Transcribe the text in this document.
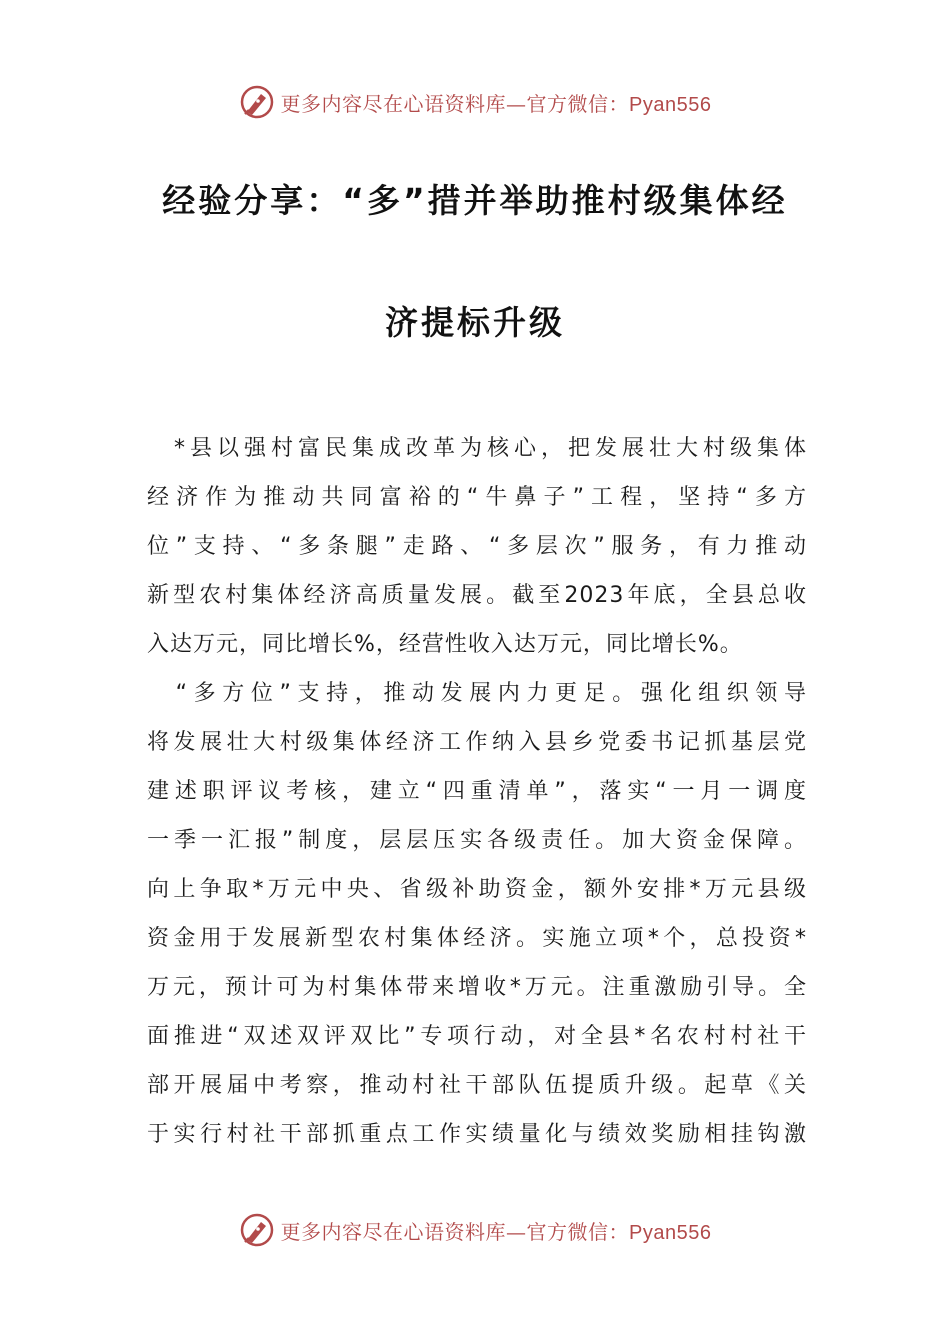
更多内容尽在心语资料库—官方微信：Pyan556
经验分享：“多”措并举助推村级集体经
济提标升级
　*县以强村富民集成改革为核心，把发展壮大村级集体
经济作为推动共同富裕的“牛鼻子”工程，坚持“多方
位”支持、“多条腿”走路、“多层次”服务，有力推动
新型农村集体经济高质量发展。截至2023年底，全县总收
入达万元，同比增长%，经营性收入达万元，同比增长%。
　“多方位”支持，推动发展内力更足。强化组织领导
将发展壮大村级集体经济工作纳入县乡党委书记抓基层党
建述职评议考核，建立“四重清单”，落实“一月一调度
一季一汇报”制度，层层压实各级责任。加大资金保障。
向上争取*万元中央、省级补助资金，额外安排*万元县级
资金用于发展新型农村集体经济。实施立项*个，总投资*
万元，预计可为村集体带来增收*万元。注重激励引导。全
面推进“双述双评双比”专项行动，对全县*名农村村社干
部开展届中考察，推动村社干部队伍提质升级。起草《关
于实行村社干部抓重点工作实绩量化与绩效奖励相挂钩激
更多内容尽在心语资料库—官方微信：Pyan556
